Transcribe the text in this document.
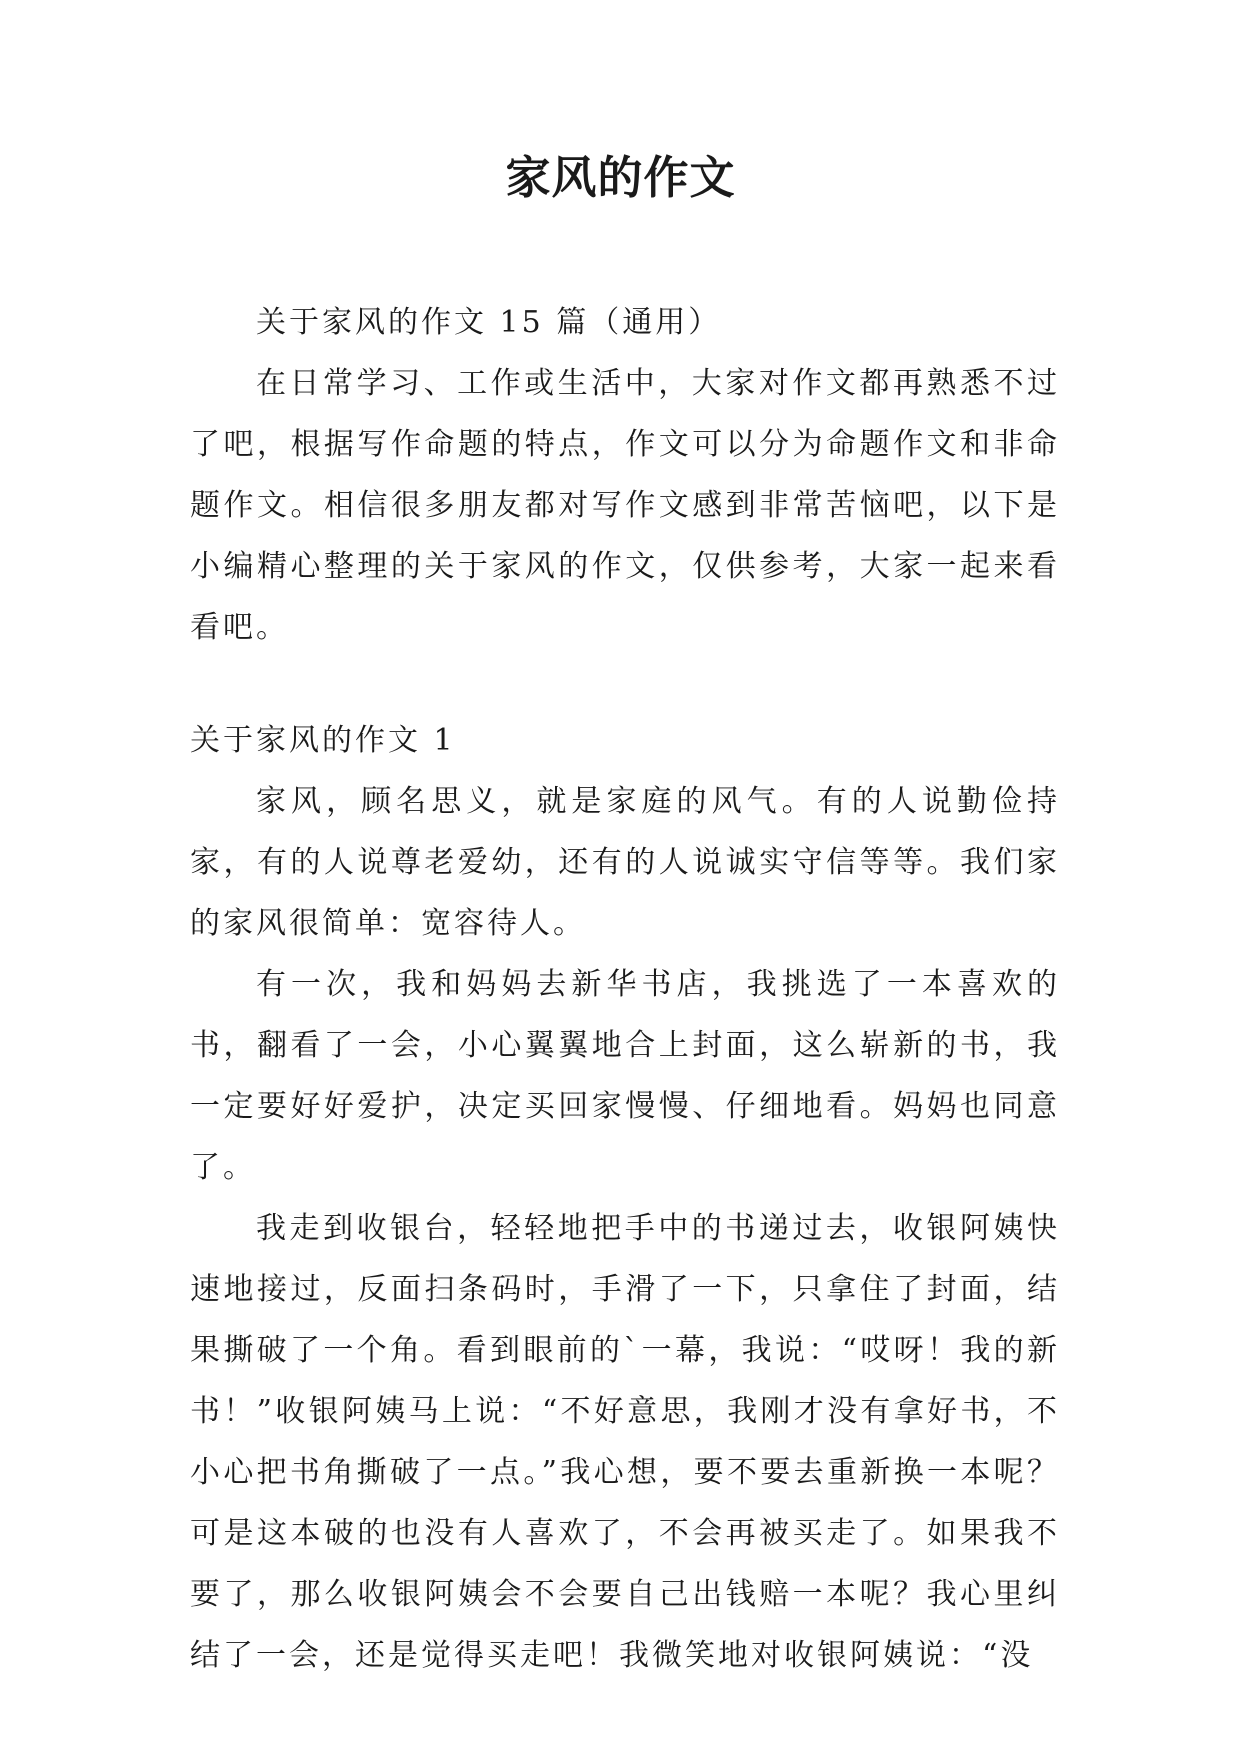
家风的作文

关于家风的作文 15 篇（通用）

在日常学习、工作或生活中，大家对作文都再熟悉不过了吧，根据写作命题的特点，作文可以分为命题作文和非命题作文。相信很多朋友都对写作文感到非常苦恼吧，以下是小编精心整理的关于家风的作文，仅供参考，大家一起来看看吧。

关于家风的作文 1

家风，顾名思义，就是家庭的风气。有的人说勤俭持家，有的人说尊老爱幼，还有的人说诚实守信等等。我们家的家风很简单：宽容待人。

有一次，我和妈妈去新华书店，我挑选了一本喜欢的书，翻看了一会，小心翼翼地合上封面，这么崭新的书，我一定要好好爱护，决定买回家慢慢、仔细地看。妈妈也同意了。

我走到收银台，轻轻地把手中的书递过去，收银阿姨快速地接过，反面扫条码时，手滑了一下，只拿住了封面，结果撕破了一个角。看到眼前的`一幕，我说：“哎呀！我的新书！”收银阿姨马上说：“不好意思，我刚才没有拿好书，不小心把书角撕破了一点。”我心想，要不要去重新换一本呢？可是这本破的也没有人喜欢了，不会再被买走了。如果我不要了，那么收银阿姨会不会要自己出钱赔一本呢？我心里纠结了一会，还是觉得买走吧！我微笑地对收银阿姨说：“没
